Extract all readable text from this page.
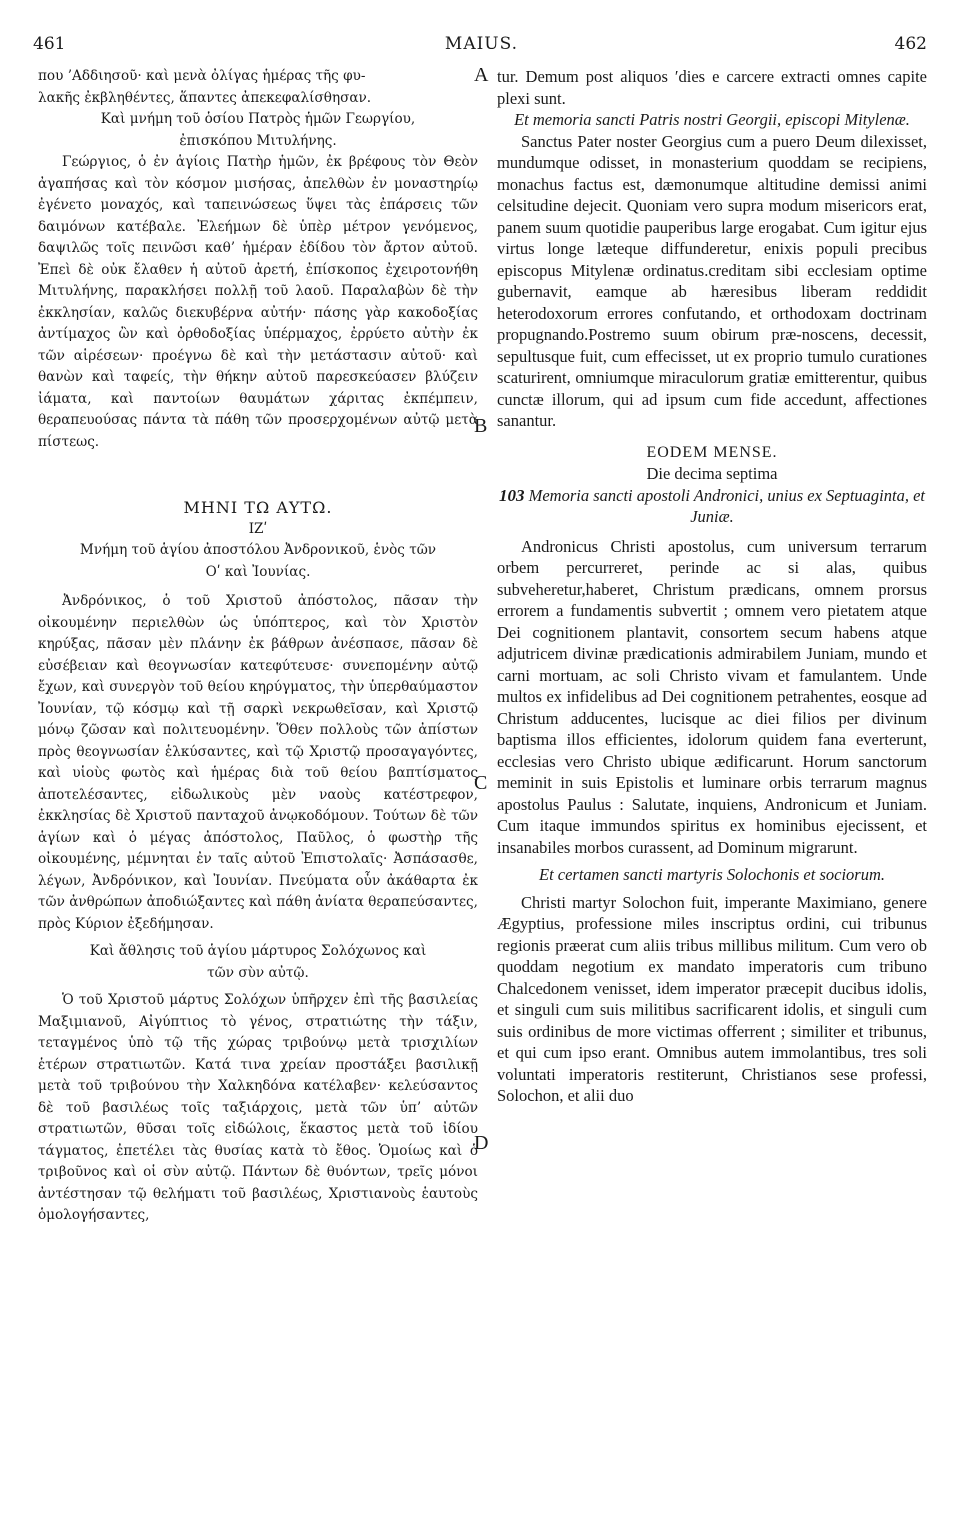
461	MAIUS.	462
A
B
C
D

που ’Αδδιησοῦ· καὶ μενὰ ὀλίγας ἡμέρας τῆς φυ-
λακῆς ἐκβληθέντες, ἅπαντες ἀπεκεφαλίσθησαν.

Καὶ μνήμη τοῦ ὁσίου Πατρὸς ἡμῶν Γεωργίου,
ἐπισκόπου Μιτυλήνης.

Γεώργιος, ὁ ἐν ἁγίοις Πατὴρ ἡμῶν, ἐκ βρέφους τὸν Θεὸν ἀγαπήσας καὶ τὸν κόσμον μισήσας, ἀπελθὼν ἐν μοναστηρίῳ ἐγένετο μοναχός, καὶ ταπεινώσεως ὕψει τὰς ἐπάρσεις τῶν δαιμόνων κατέβαλε. Ἐλεήμων δὲ ὑπὲρ μέτρον γενόμενος, δαψιλῶς τοῖς πεινῶσι καθ’ ἡμέραν ἐδίδου τὸν ἄρτον αὐτοῦ. Ἐπεὶ δὲ οὐκ ἔλαθεν ἡ αὐτοῦ ἀρετή, ἐπίσκοπος ἐχειροτονήθη Μιτυλήνης, παρακλήσει πολλῇ τοῦ λαοῦ. Παραλαβὼν δὲ τὴν ἐκκλησίαν, καλῶς διεκυβέρνα αὐτήν· πάσης γὰρ κακοδοξίας ἀντίμαχος ὢν καὶ ὀρθοδοξίας ὑπέρμαχος, ἐρρύετο αὐτὴν ἐκ τῶν αἱρέσεων· προέγνω δὲ καὶ τὴν μετάστασιν αὐτοῦ· καὶ θανὼν καὶ ταφείς, τὴν θήκην αὐτοῦ παρεσκεύασεν βλύζειν ἰάματα, καὶ παντοίων θαυμάτων χάριτας ἐκπέμπειν, θεραπευούσας πάντα τὰ πάθη τῶν προσερχομένων αὐτῷ μετὰ πίστεως.

ΜΗΝΙ ΤΩ ΑΥΤΩ.

ΙΖʹ

Μνήμη τοῦ ἁγίου ἀποστόλου Ἀνδρονικοῦ, ἑνὸς τῶν
Οʹ καὶ Ἰουνίας.

Ἀνδρόνικος, ὁ τοῦ Χριστοῦ ἀπόστολος, πᾶσαν τὴν οἰκουμένην περιελθὼν ὡς ὑπόπτερος, καὶ τὸν Χριστὸν κηρύξας, πᾶσαν μὲν πλάνην ἐκ βάθρων ἀνέσπασε, πᾶσαν δὲ εὐσέβειαν καὶ θεογνωσίαν κατεφύτευσε· συνεπομένην αὐτῷ ἔχων, καὶ συνεργὸν τοῦ θείου κηρύγματος, τὴν ὑπερθαύμαστον Ἰουνίαν, τῷ κόσμῳ καὶ τῇ σαρκὶ νεκρωθεῖσαν, καὶ Χριστῷ μόνῳ ζῶσαν καὶ πολιτευομένην. Ὅθεν πολλοὺς τῶν ἀπίστων πρὸς θεογνωσίαν ἑλκύσαντες, καὶ τῷ Χριστῷ προσαγαγόντες, καὶ υἱοὺς φωτὸς καὶ ἡμέρας διὰ τοῦ θείου βαπτίσματος ἀποτελέσαντες, εἰδωλικοὺς μὲν ναοὺς κατέστρεφον, ἐκκλησίας δὲ Χριστοῦ πανταχοῦ ἀνῳκοδόμουν. Τούτων δὲ τῶν ἁγίων καὶ ὁ μέγας ἀπόστολος, Παῦλος, ὁ φωστὴρ τῆς οἰκουμένης, μέμνηται ἐν ταῖς αὐτοῦ Ἐπιστολαῖς· Ἀσπάσασθε, λέγων, Ἀνδρόνικον, καὶ Ἰουνίαν. Πνεύματα οὖν ἀκάθαρτα ἐκ τῶν ἀνθρώπων ἀποδιώξαντες καὶ πάθη ἀνίατα θεραπεύσαντες, πρὸς Κύριον ἐξεδήμησαν.

Καὶ ἄθλησις τοῦ ἁγίου μάρτυρος Σολόχωνος καὶ
τῶν σὺν αὐτῷ.

Ὁ τοῦ Χριστοῦ μάρτυς Σολόχων ὑπῆρχεν ἐπὶ τῆς βασιλείας Μαξιμιανοῦ, Αἰγύπτιος τὸ γένος, στρατιώτης τὴν τάξιν, τεταγμένος ὑπὸ τῷ τῆς χώρας τριβούνῳ μετὰ τρισχιλίων ἑτέρων στρατιωτῶν. Κατά τινα χρείαν προστάξει βασιλικῇ μετὰ τοῦ τριβούνου τὴν Χαλκηδόνα κατέλαβεν· κελεύσαντος δὲ τοῦ βασιλέως τοῖς ταξιάρχοις, μετὰ τῶν ὑπ’ αὐτῶν στρατιωτῶν, θῦσαι τοῖς εἰδώλοις, ἕκαστος μετὰ τοῦ ἰδίου τάγματος, ἐπετέλει τὰς θυσίας κατὰ τὸ ἔθος. Ὁμοίως καὶ ὁ τριβοῦνος καὶ οἱ σὺν αὐτῷ. Πάντων δὲ θυόντων, τρεῖς μόνοι ἀντέστησαν τῷ θελήματι τοῦ βασιλέως, Χριστιανοὺς ἑαυτοὺς ὁμολογήσαντες,

tur. Demum post aliquos ʹdies e carcere extracti omnes capite plexi sunt.

Et memoria sancti Patris nostri Georgii, episcopi Mitylenæ.

Sanctus Pater noster Georgius cum a puero Deum dilexisset, mundumque odisset, in monasterium quoddam se recipiens, monachus factus est, dæmonumque altitudine demissi animi celsitudine dejecit. Quoniam vero supra modum misericors erat, panem suum quotidie pauperibus large erogabat. Cum igitur ejus virtus longe læteque diffunderetur, enixis populi precibus episcopus Mitylenæ ordinatus.creditam sibi ecclesiam optime gubernavit, eamque ab hæresibus liberam reddidit heterodoxorum errores confutando, et orthodoxam doctrinam propugnando.Postremo suum obirum præ-noscens, decessit, sepultusque fuit, cum effecisset, ut ex proprio tumulo curationes scaturirent, omniumque miraculorum gratiæ emitterentur, quibus cunctæ illorum, qui ad ipsum cum fide accedunt, affectiones sanantur.

EODEM MENSE.

Die decima septima

103 Memoria sancti apostoli Andronici, unius ex Septuaginta, et Juniæ.

Andronicus Christi apostolus, cum universum terrarum orbem percurreret, perinde ac si alas, quibus subveheretur,haberet, Christum prædicans, omnem prorsus errorem a fundamentis subvertit ; omnem vero pietatem atque Dei cognitionem plantavit, consortem secum habens atque adjutricem divinæ prædicationis admirabilem Juniam, mundo et carni mortuam, ac soli Christo vivam et famulantem. Unde multos ex infidelibus ad Dei cognitionem petrahentes, eosque ad Christum adducentes, lucisque ac diei filios per divinum baptisma illos efficientes, idolorum quidem fana everterunt, ecclesias vero Christo ubique ædificarunt. Horum sanctorum meminit in suis Epistolis et luminare orbis terrarum magnus apostolus Paulus : Salutate, inquiens, Andronicum et Juniam. Cum itaque immundos spiritus ex hominibus ejecissent, et insanabiles morbos curassent, ad Dominum migrarunt.

Et certamen sancti martyris Solochonis et sociorum.

Christi martyr Solochon fuit, imperante Maximiano, genere Ægyptius, professione miles inscriptus ordini, cui tribunus regionis præerat cum aliis tribus millibus militum. Cum vero ob quoddam negotium ex mandato imperatoris cum tribuno Chalcedonem venisset, idem imperator præcepit ducibus idolis, et singuli cum suis militibus sacrificarent idolis, et singuli cum suis ordinibus de more victimas offerrent ; similiter et tribunus, et qui cum ipso erant. Omnibus autem immolantibus, tres soli voluntati imperatoris restiterunt, Christianos sese professi, Solochon, et alii duo
